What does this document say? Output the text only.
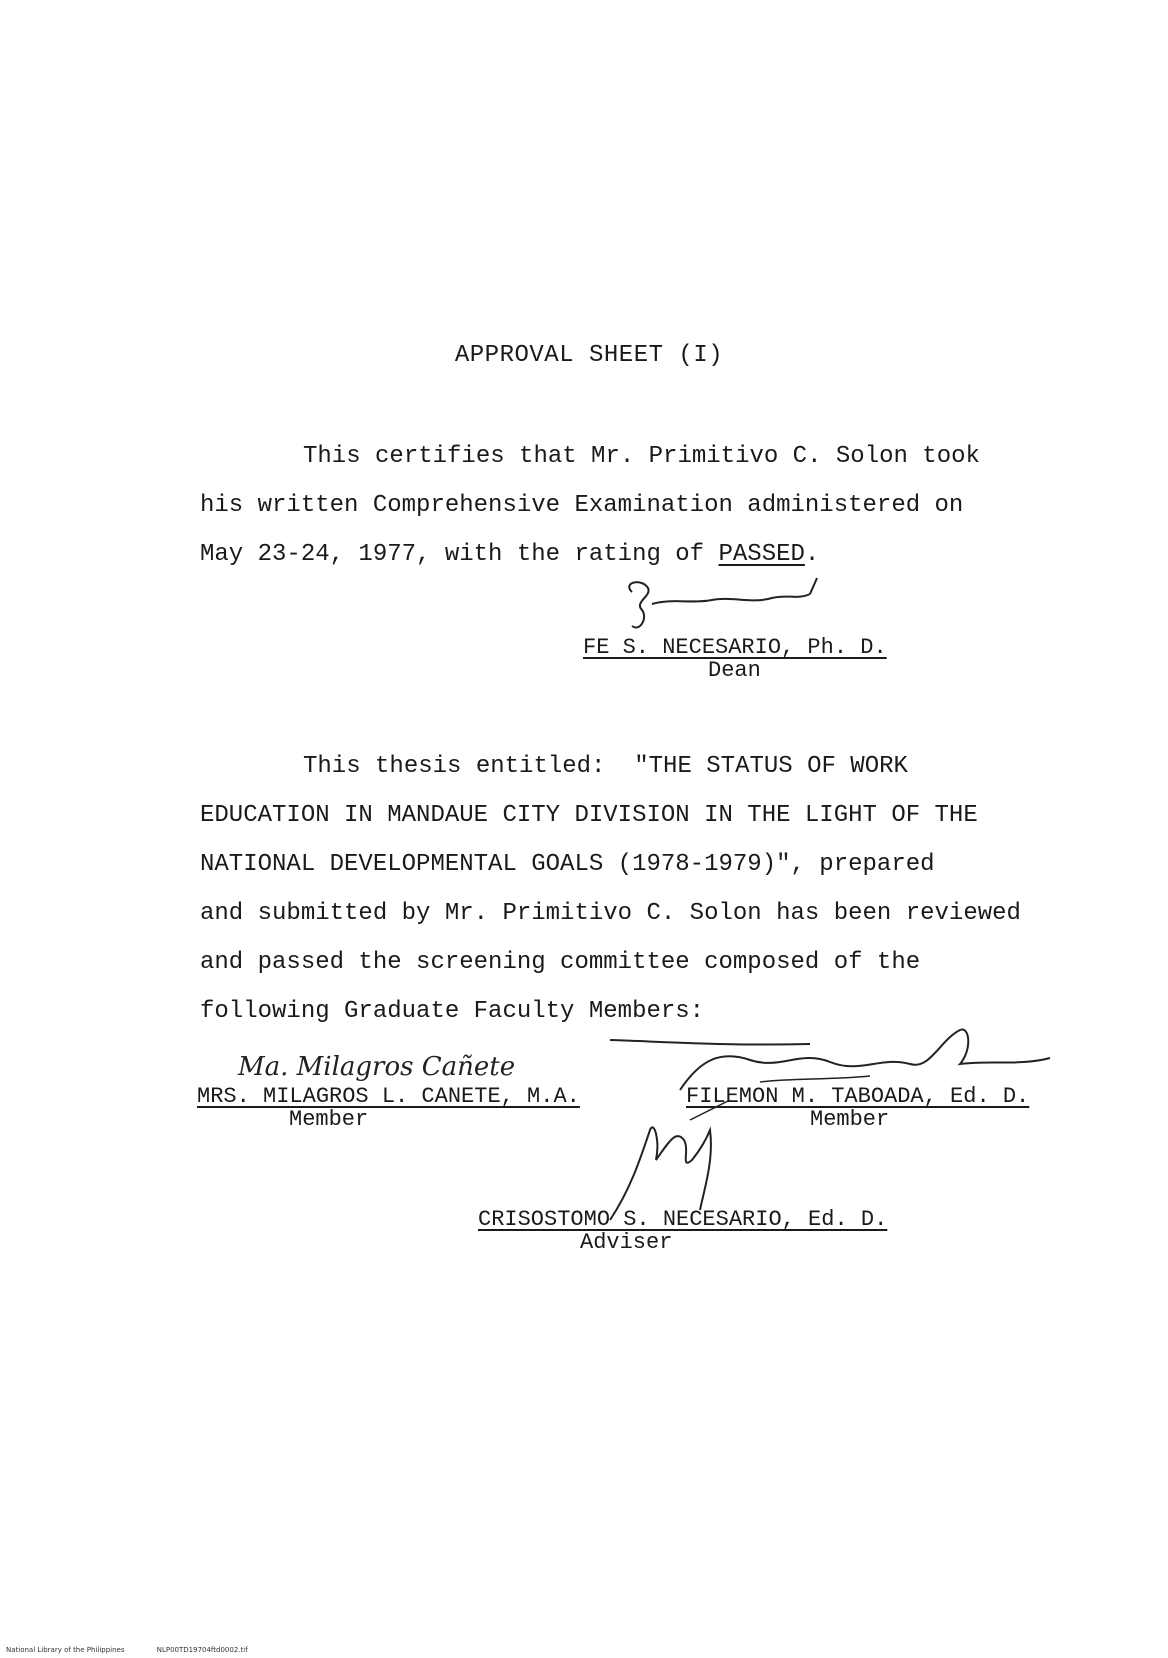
APPROVAL SHEET (I)
This certifies that Mr. Primitivo C. Solon took
his written Comprehensive Examination administered on
May 23-24, 1977, with the rating of PASSED.
FE S. NECESARIO, Ph. D.
Dean
This thesis entitled:  "THE STATUS OF WORK
EDUCATION IN MANDAUE CITY DIVISION IN THE LIGHT OF THE
NATIONAL DEVELOPMENTAL GOALS (1978-1979)", prepared
and submitted by Mr. Primitivo C. Solon has been reviewed
and passed the screening committee composed of the
following Graduate Faculty Members:
Ma. Milagros Cañete
MRS. MILAGROS L. CANETE, M.A.
Member
FILEMON M. TABOADA, Ed. D.
Member
CRISOSTOMO S. NECESARIO, Ed. D.
Adviser
National Library of the Philippines	NLP00TD19704ftd0002.tif
